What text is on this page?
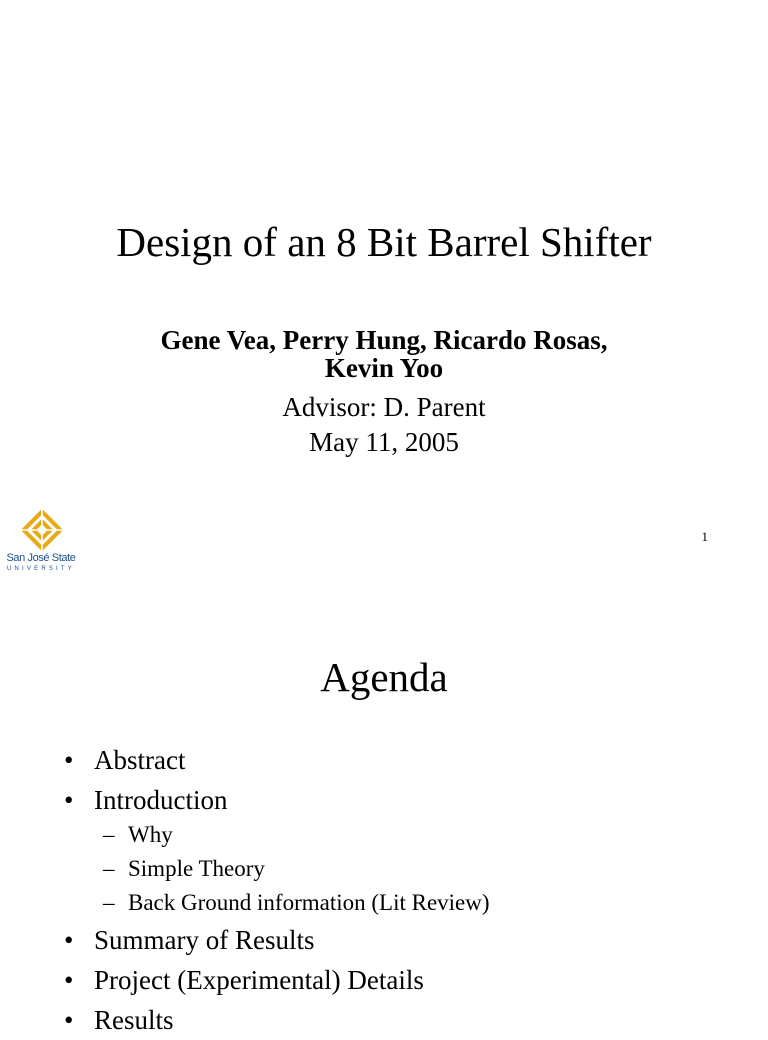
Design of an 8 Bit Barrel Shifter
Gene Vea, Perry Hung, Ricardo Rosas,
Kevin Yoo
Advisor: D. Parent
May 11, 2005
San José State
UNIVERSITY
1
Agenda
• Abstract
• Introduction
– Why
– Simple Theory
– Back Ground information (Lit Review)
• Summary of Results
• Project (Experimental) Details
• Results
